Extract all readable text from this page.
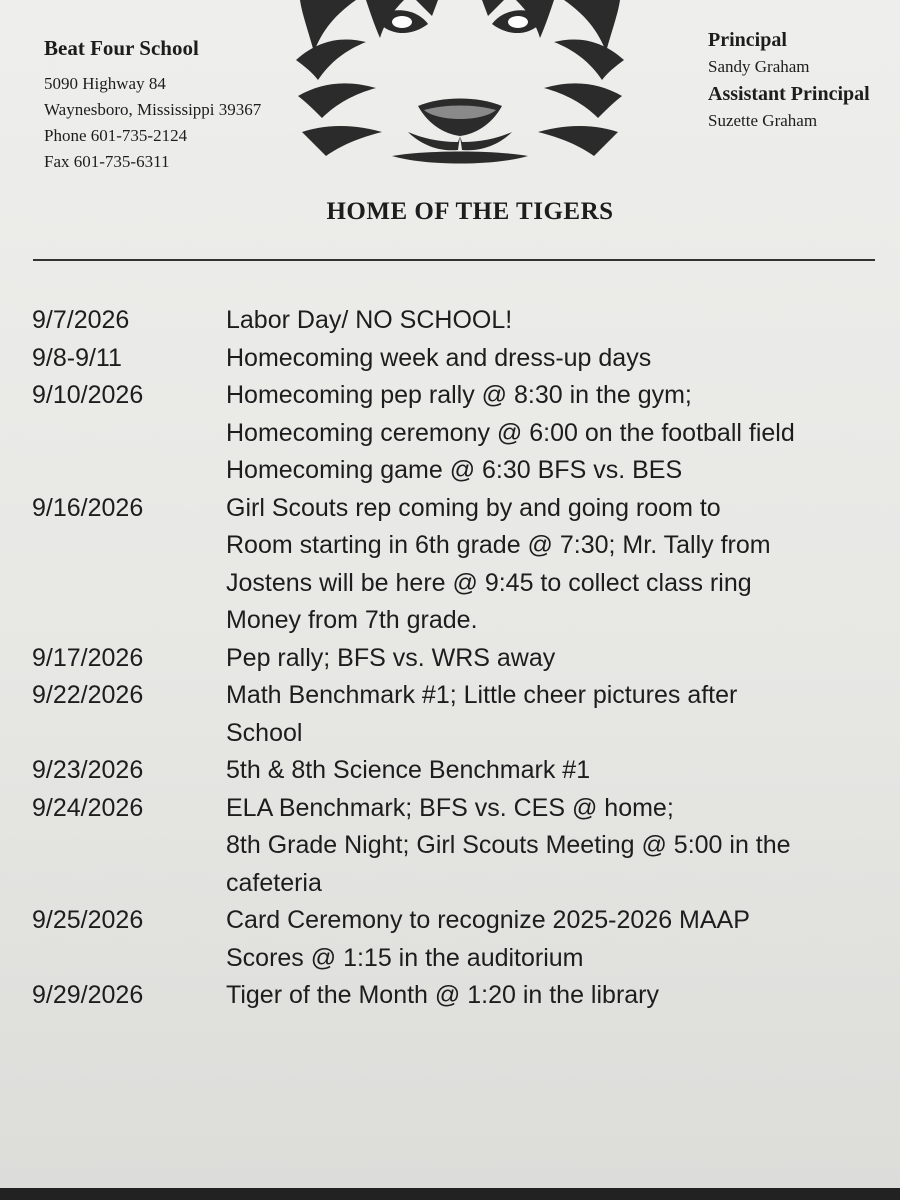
Beat Four School
5090 Highway 84
Waynesboro, Mississippi 39367
Phone 601-735-2124
Fax 601-735-6311
Principal
Sandy Graham
Assistant Principal
Suzette Graham
HOME OF THE TIGERS
9/7/2026	Labor Day/ NO SCHOOL!
9/8-9/11	Homecoming week and dress-up days
9/10/2026	Homecoming pep rally @ 8:30 in the gym;
Homecoming ceremony @ 6:00 on the football field
Homecoming game @ 6:30 BFS vs. BES
9/16/2026	Girl Scouts rep coming by and going room to
Room starting in 6th grade @ 7:30; Mr. Tally from
Jostens will be here @ 9:45 to collect class ring
Money from 7th grade.
9/17/2026	Pep rally; BFS vs. WRS away
9/22/2026	Math Benchmark #1; Little cheer pictures after
School
9/23/2026	5th & 8th Science Benchmark #1
9/24/2026	ELA Benchmark; BFS vs. CES @ home;
8th Grade Night; Girl Scouts Meeting @ 5:00 in the
cafeteria
9/25/2026	Card Ceremony to recognize 2025-2026 MAAP
Scores @ 1:15 in the auditorium
9/29/2026	Tiger of the Month @ 1:20 in the library
